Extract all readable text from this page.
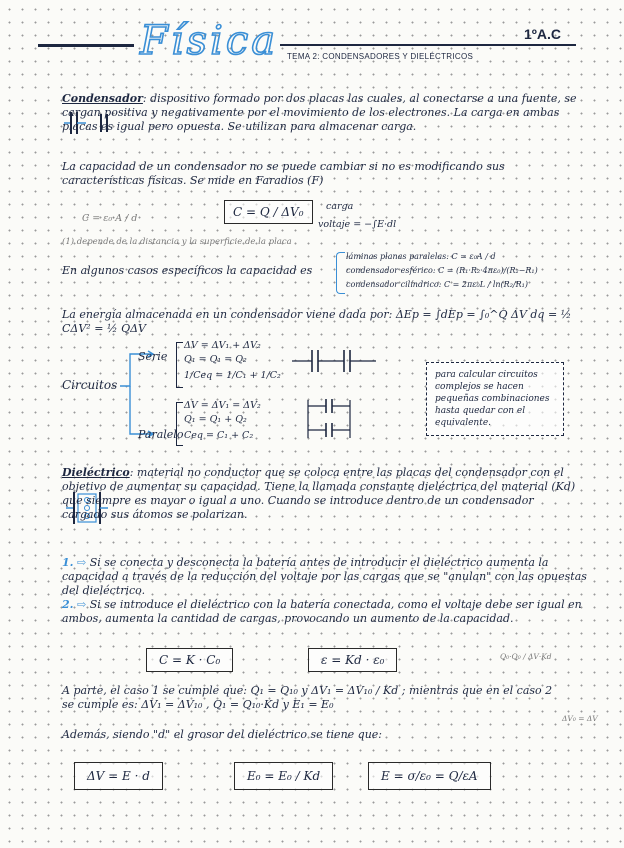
Física	1ºA.C
TEMA 2: CONDENSADORES Y DIELÉCTRICOS
Condensador: dispositivo formado por dos placas las cuales, al conectarse a una fuente, se cargan positiva y negativamente por el movimiento de los electrones. La carga en ambas placas es igual pero opuesta. Se utilizan para almacenar carga.
La capacidad de un condensador no se puede cambiar si no es modificando sus características físicas. Se mide en Faradios (F)
C = ε₀·A / d
(1) depende de la distancia y la superficie de la placa
C = Q / ΔV₀	carga
voltaje = −∫E·dl
En algunos casos específicos la capacidad es
láminas planas paralelas: C = ε₀A / d
condensador esférico: C = (R₁·R₂·4πε₀)/(R₂−R₁)
condensador cilíndrico: C = 2πε₀L / ln(R₂/R₁)
La energía almacenada en un condensador viene dada por: ΔEp = ∫dEp = ∫₀^Q ΔV dq = ½ CΔV² = ½ QΔV
Circuitos
Serie
ΔV = ΔV₁ + ΔV₂
Q₁ = Q₁ = Q₂
1/Ceq = 1/C₁ + 1/C₂
Paralelo
ΔV = ΔV₁ = ΔV₂
Q₁ = Q₁ + Q₂
Ceq = C₁ + C₂
para calcular circuitos complejos se hacen pequeñas combinaciones hasta quedar con el equivalente.
Dieléctrico: material no conductor que se coloca entre las placas del condensador con el objetivo de aumentar su capacidad. Tiene la llamada constante dieléctrica del material (Kd) que siempre es mayor o igual a uno. Cuando se introduce dentro de un condensador cargado sus átomos se polarizan.
1. ⇨ Si se conecta y desconecta la batería antes de introducir el dieléctrico aumenta la capacidad a través de la reducción del voltaje por las cargas que se "anulan" con las opuestas del dieléctrico.
2. ⇨ Si se introduce el dieléctrico con la batería conectada, como el voltaje debe ser igual en ambos, aumenta la cantidad de cargas, provocando un aumento de la capacidad.
C = K · C₀	ε = Kd · ε₀	Q₀·Q₀ / ΔV·Kd
A parte, el caso 1 se cumple que: Q₁ = Q₁₀ y ΔV₁ = ΔV₁₀ / Kd ; mientras que en el caso 2 se cumple es: ΔV₁ = ΔV₁₀ , Q₁ = Q₁₀·Kd y E₁ = E₀
ΔV₀ = ΔV
Además, siendo "d" el grosor del dieléctrico se tiene que:
ΔV = E · d	E₀ = E₀ / Kd	E = σ/ε₀ = Q/εA
